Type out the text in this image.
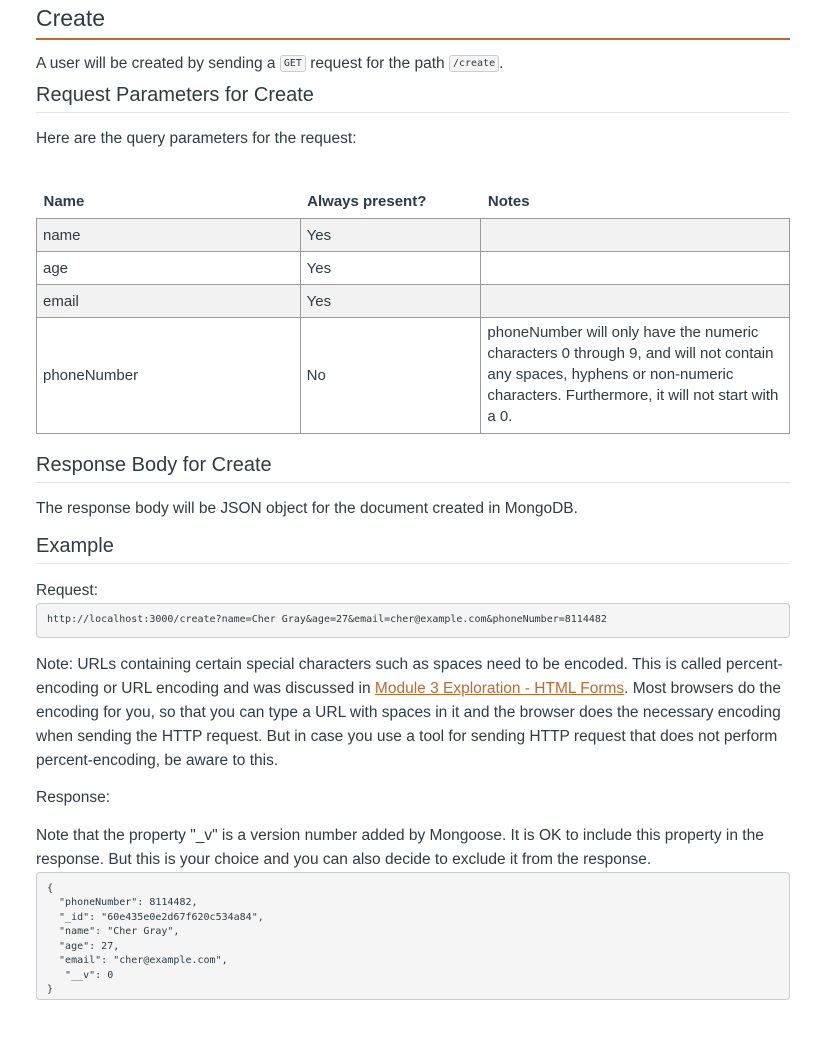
Create

A user will be created by sending a GET request for the path /create .

Request Parameters for Create

Here are the query parameters for the request:

Name	Always present?	Notes
name	Yes	
age	Yes	
email	Yes	
phoneNumber	No	phoneNumber will only have the numeric characters 0 through 9, and will not contain any spaces, hyphens or non-numeric characters. Furthermore, it will not start with a 0.
Response Body for Create

The response body will be JSON object for the document created in MongoDB.

Example

Request:

http://localhost:3000/create?name=Cher Gray&age=27&email=cher@example.com&phoneNumber=8114482

Note: URLs containing certain special characters such as spaces need to be encoded. This is called percent-encoding or URL encoding and was discussed in Module 3 Exploration - HTML Forms. Most browsers do the encoding for you, so that you can type a URL with spaces in it and the browser does the necessary encoding when sending the HTTP request. But in case you use a tool for sending HTTP request that does not perform percent-encoding, be aware to this.

Response:

Note that the property "_v" is a version number added by Mongoose. It is OK to include this property in the response. But this is your choice and you can also decide to exclude it from the response.

{
"phoneNumber": 8114482,
"_id": "60e435e0e2d67f620c534a84",
"name": "Cher Gray",
"age": 27,
"email": "cher@example.com",
"__v": 0
}
